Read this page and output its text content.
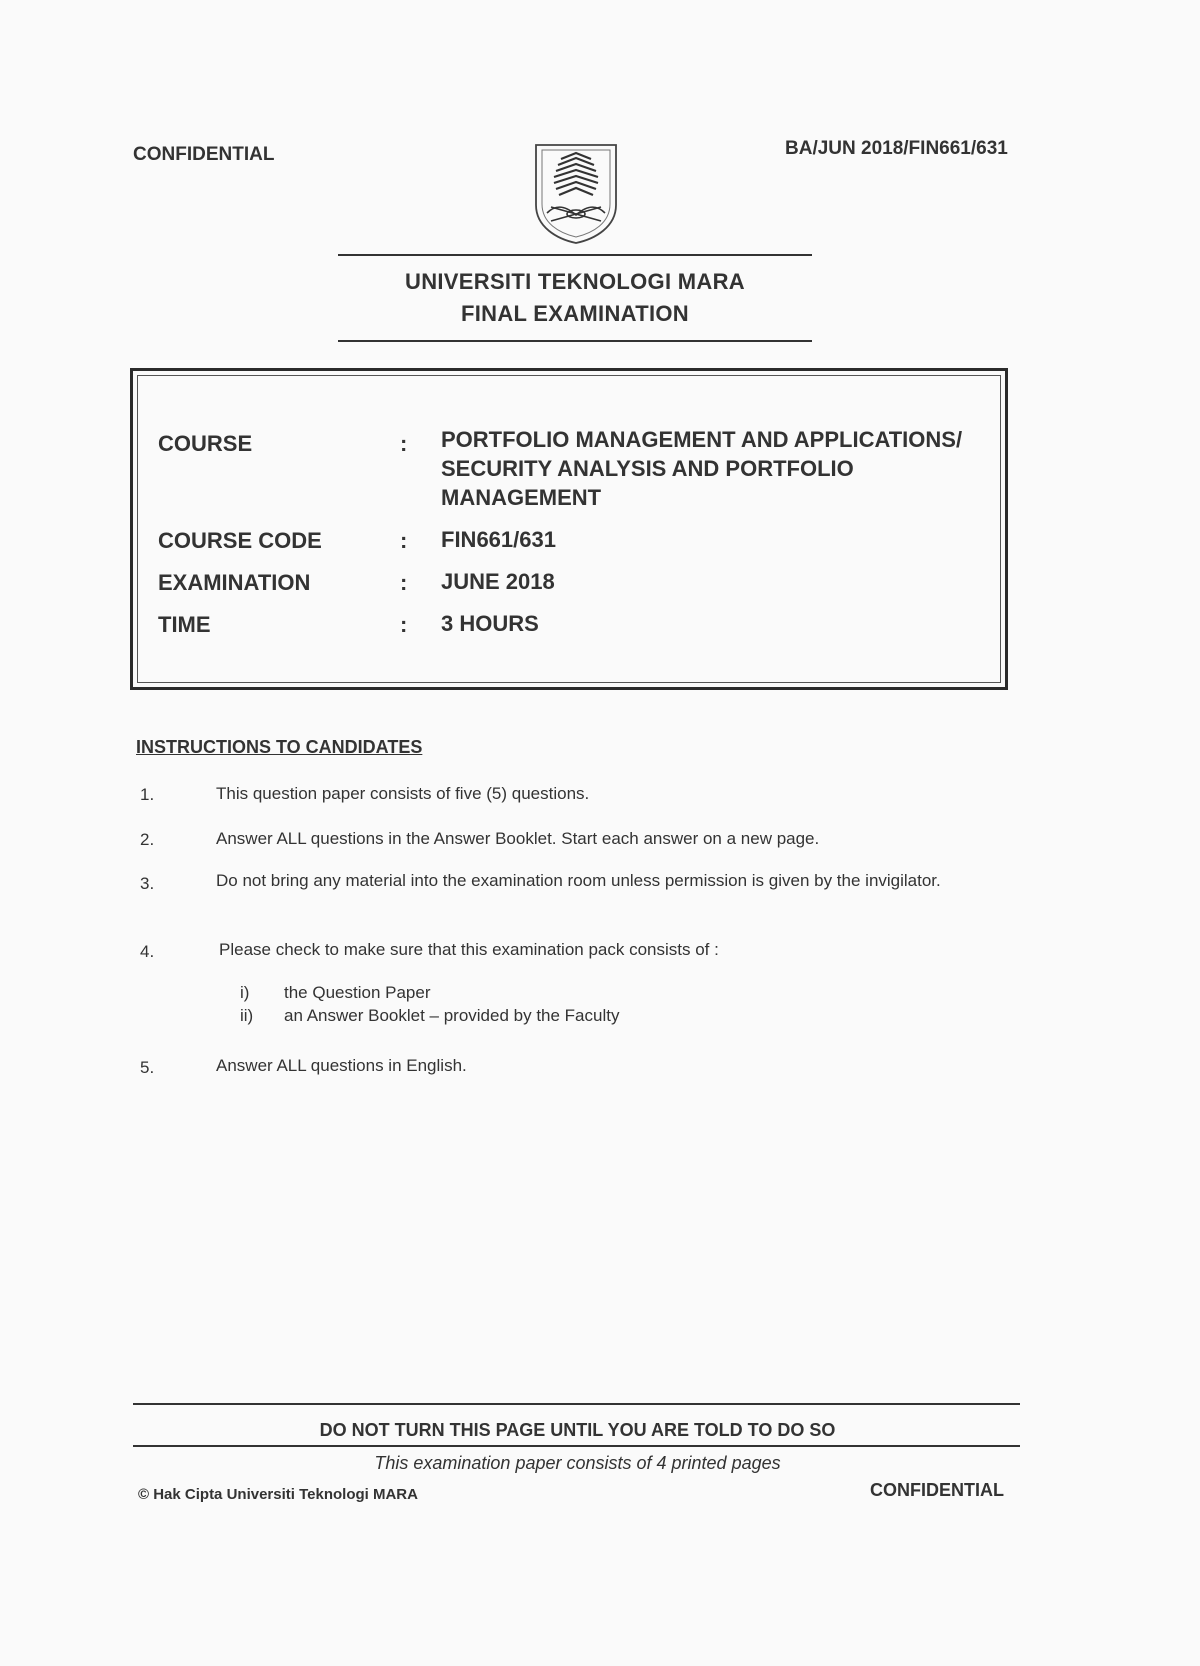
CONFIDENTIAL	BA/JUN 2018/FIN661/631
UNIVERSITI TEKNOLOGI MARA
FINAL EXAMINATION
COURSE	: PORTFOLIO MANAGEMENT AND APPLICATIONS/
SECURITY ANALYSIS AND PORTFOLIO
MANAGEMENT
COURSE CODE	: FIN661/631
EXAMINATION	: JUNE 2018
TIME	: 3 HOURS
INSTRUCTIONS TO CANDIDATES
1.	This question paper consists of five (5) questions.
2.	Answer ALL questions in the Answer Booklet. Start each answer on a new page.
3.	Do not bring any material into the examination room unless permission is given by the invigilator.
4.	Please check to make sure that this examination pack consists of :
i) the Question Paper
ii) an Answer Booklet – provided by the Faculty
5.	Answer ALL questions in English.
DO NOT TURN THIS PAGE UNTIL YOU ARE TOLD TO DO SO
This examination paper consists of 4 printed pages
© Hak Cipta Universiti Teknologi MARA	CONFIDENTIAL
